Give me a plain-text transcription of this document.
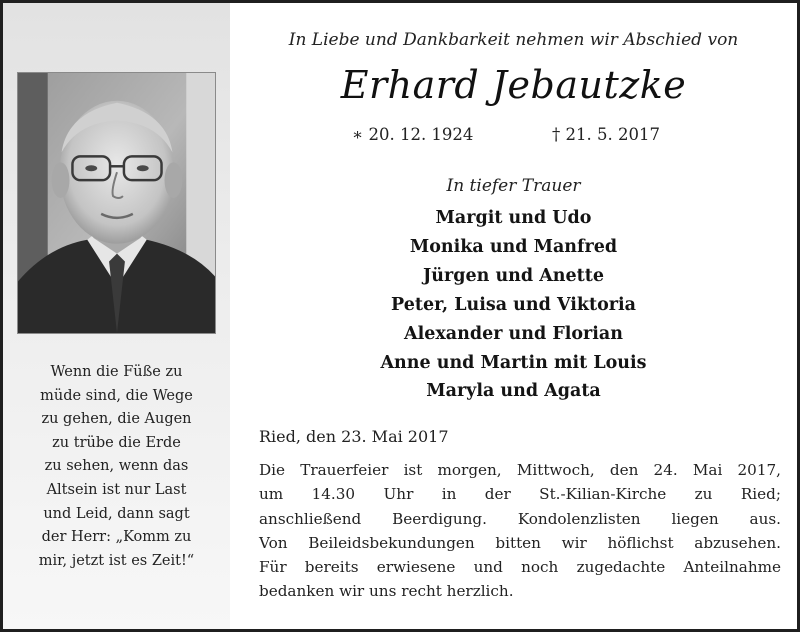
Wenn die Füße zu
müde sind, die Wege
zu gehen, die Augen
zu trübe die Erde
zu sehen, wenn das
Altsein ist nur Last
und Leid, dann sagt
der Herr: „Komm zu
mir, jetzt ist es Zeit!“
In Liebe und Dankbarkeit nehmen wir Abschied von
Erhard Jebautzke
∗ 20. 12. 1924	† 21. 5. 2017
In tiefer Trauer
Margit und Udo
Monika und Manfred
Jürgen und Anette
Peter, Luisa und Viktoria
Alexander und Florian
Anne und Martin mit Louis
Maryla und Agata
Ried, den 23. Mai 2017
Die Trauerfeier ist morgen, Mittwoch, den 24. Mai 2017,
um 14.30 Uhr in der St.-Kilian-Kirche zu Ried;
anschließend Beerdigung. Kondolenzlisten liegen aus.
Von Beileidsbekundungen bitten wir höflichst abzusehen.
Für bereits erwiesene und noch zugedachte Anteilnahme
bedanken wir uns recht herzlich.
